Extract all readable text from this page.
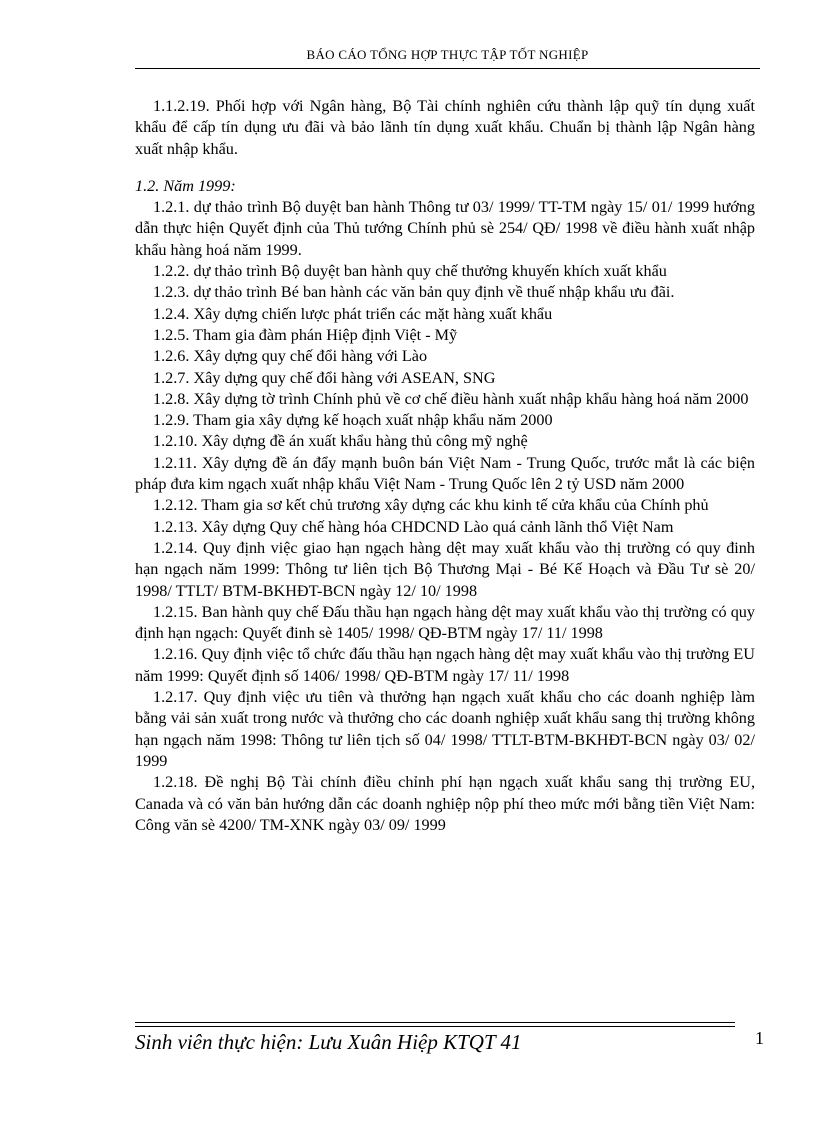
BÁO CÁO TỔNG HỢP THỰC TẬP TỐT NGHIỆP

1.1.2.19. Phối hợp với Ngân hàng, Bộ Tài chính nghiên cứu thành lập quỹ tín dụng xuất khẩu để cấp tín dụng ưu đãi và bảo lãnh tín dụng xuất khẩu. Chuẩn bị thành lập Ngân hàng xuất nhập khẩu.

1.2. Năm 1999:

1.2.1. dự thảo trình Bộ duyệt ban hành Thông tư 03/ 1999/ TT-TM ngày 15/ 01/ 1999 hướng dẫn thực hiện Quyết định của Thủ tướng Chính phủ sè 254/ QĐ/ 1998 về điều hành xuất nhập khẩu hàng hoá năm 1999.

1.2.2. dự thảo trình Bộ duyệt ban hành quy chế thưởng khuyến khích xuất khẩu

1.2.3. dự thảo trình Bé ban hành các văn bản quy định về thuế nhập khẩu ưu đãi.

1.2.4. Xây dựng chiến lược phát triển các mặt hàng xuất khẩu

1.2.5. Tham gia đàm phán Hiệp định Việt - Mỹ

1.2.6. Xây dựng quy chế đổi hàng với Lào

1.2.7. Xây dựng quy chế đổi hàng với ASEAN, SNG

1.2.8. Xây dựng tờ trình Chính phủ về cơ chế điều hành xuất nhập khẩu hàng hoá năm 2000

1.2.9. Tham gia xây dựng kế hoạch xuất nhập khẩu năm 2000

1.2.10. Xây dựng đề án xuất khẩu hàng thủ công mỹ nghệ

1.2.11. Xây dựng đề án đẩy mạnh buôn bán Việt Nam - Trung Quốc, trước mắt là các biện pháp đưa kim ngạch xuất nhập khẩu Việt Nam - Trung Quốc lên 2 tỷ USD năm 2000

1.2.12. Tham gia sơ kết chủ trương xây dựng các khu kinh tế cửa khẩu của Chính phủ

1.2.13. Xây dựng Quy chế hàng hóa CHDCND Lào quá cảnh lãnh thổ Việt Nam

1.2.14. Quy định việc giao hạn ngạch hàng dệt may xuất khẩu vào thị trường có quy đinh hạn ngạch năm 1999: Thông tư liên tịch Bộ Thương Mại - Bé Kế Hoạch và Đầu Tư sè 20/ 1998/ TTLT/ BTM-BKHĐT-BCN ngày 12/ 10/ 1998

1.2.15. Ban hành quy chế Đấu thầu hạn ngạch hàng dệt may xuất khẩu vào thị trường có quy định hạn ngạch: Quyết đinh sè 1405/ 1998/ QĐ-BTM ngày 17/ 11/ 1998

1.2.16. Quy định việc tổ chức đấu thầu hạn ngạch hàng dệt may xuất khẩu vào thị trường EU năm 1999: Quyết định số 1406/ 1998/ QĐ-BTM ngày 17/ 11/ 1998

1.2.17. Quy định việc ưu tiên và thưởng hạn ngạch xuất khẩu cho các doanh nghiệp làm bằng vải sản xuất trong nước và thưởng cho các doanh nghiệp xuất khẩu sang thị trường không hạn ngạch năm 1998: Thông tư liên tịch số 04/ 1998/ TTLT-BTM-BKHĐT-BCN ngày 03/ 02/ 1999

1.2.18. Đề nghị Bộ Tài chính điều chỉnh phí hạn ngạch xuất khẩu sang thị trường EU, Canada và có văn bản hướng dẫn các doanh nghiệp nộp phí theo mức mới bằng tiền Việt Nam: Công văn sè 4200/ TM-XNK ngày 03/ 09/ 1999

Sinh viên thực hiện: Lưu Xuân Hiệp KTQT 41	1
